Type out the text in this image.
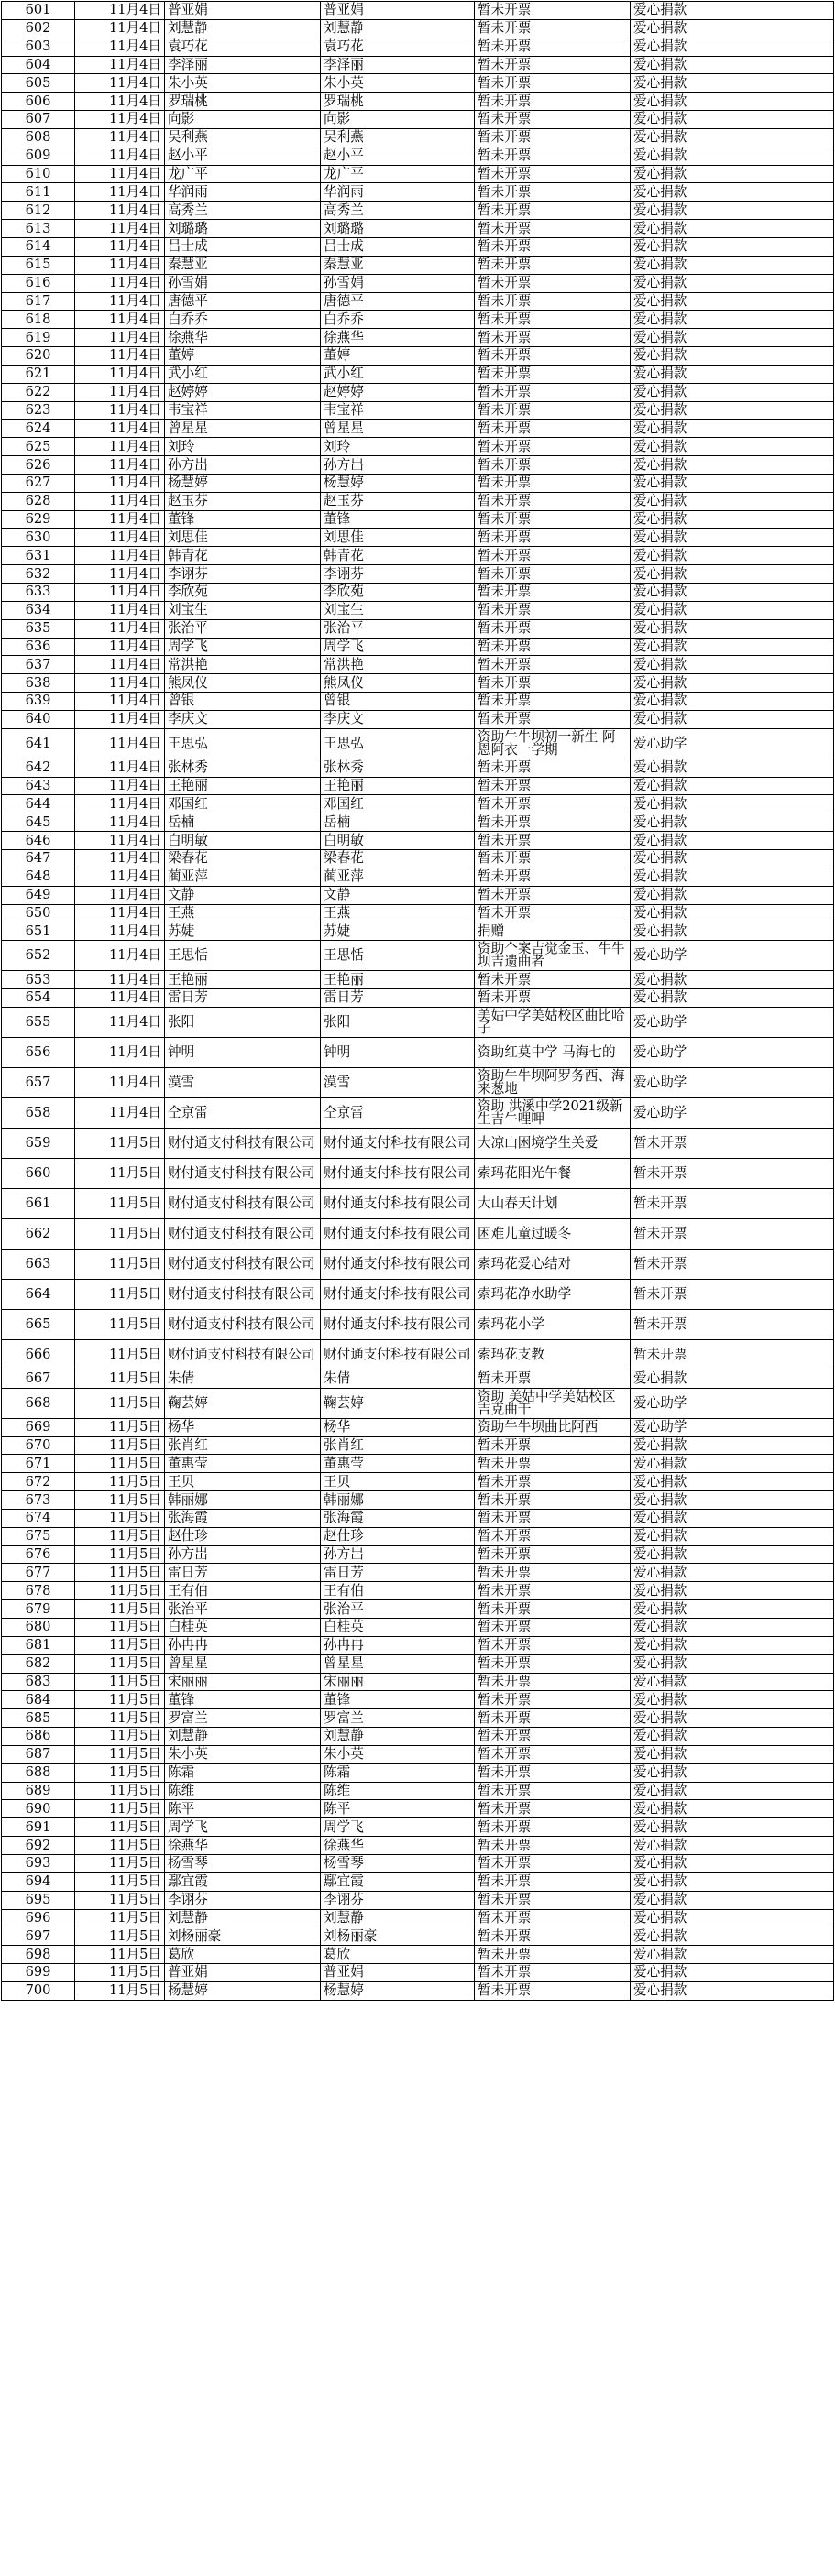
601	11月4日	普亚娟	普亚娟	暂未开票	爱心捐款	
602	11月4日	刘慧静	刘慧静	暂未开票	爱心捐款	
603	11月4日	袁巧花	袁巧花	暂未开票	爱心捐款	
604	11月4日	李泽丽	李泽丽	暂未开票	爱心捐款	
605	11月4日	朱小英	朱小英	暂未开票	爱心捐款	
606	11月4日	罗瑞桃	罗瑞桃	暂未开票	爱心捐款	
607	11月4日	向影	向影	暂未开票	爱心捐款	
608	11月4日	吴利燕	吴利燕	暂未开票	爱心捐款	
609	11月4日	赵小平	赵小平	暂未开票	爱心捐款	
610	11月4日	龙广平	龙广平	暂未开票	爱心捐款	
611	11月4日	华润雨	华润雨	暂未开票	爱心捐款	
612	11月4日	高秀兰	高秀兰	暂未开票	爱心捐款	
613	11月4日	刘璐璐	刘璐璐	暂未开票	爱心捐款	
614	11月4日	吕士成	吕士成	暂未开票	爱心捐款	
615	11月4日	秦慧亚	秦慧亚	暂未开票	爱心捐款	
616	11月4日	孙雪娟	孙雪娟	暂未开票	爱心捐款	
617	11月4日	唐德平	唐德平	暂未开票	爱心捐款	
618	11月4日	白乔乔	白乔乔	暂未开票	爱心捐款	
619	11月4日	徐燕华	徐燕华	暂未开票	爱心捐款	
620	11月4日	董婷	董婷	暂未开票	爱心捐款	
621	11月4日	武小红	武小红	暂未开票	爱心捐款	
622	11月4日	赵婷婷	赵婷婷	暂未开票	爱心捐款	
623	11月4日	韦宝祥	韦宝祥	暂未开票	爱心捐款	
624	11月4日	曾星星	曾星星	暂未开票	爱心捐款	
625	11月4日	刘玲	刘玲	暂未开票	爱心捐款	
626	11月4日	孙方岀	孙方岀	暂未开票	爱心捐款	
627	11月4日	杨慧婷	杨慧婷	暂未开票	爱心捐款	
628	11月4日	赵玉芬	赵玉芬	暂未开票	爱心捐款	
629	11月4日	董锋	董锋	暂未开票	爱心捐款	
630	11月4日	刘思佳	刘思佳	暂未开票	爱心捐款	
631	11月4日	韩青花	韩青花	暂未开票	爱心捐款	
632	11月4日	李诩芬	李诩芬	暂未开票	爱心捐款	
633	11月4日	李欣苑	李欣苑	暂未开票	爱心捐款	
634	11月4日	刘宝生	刘宝生	暂未开票	爱心捐款	
635	11月4日	张治平	张治平	暂未开票	爱心捐款	
636	11月4日	周学飞	周学飞	暂未开票	爱心捐款	
637	11月4日	常洪艳	常洪艳	暂未开票	爱心捐款	
638	11月4日	熊凤仪	熊凤仪	暂未开票	爱心捐款	
639	11月4日	曾银	曾银	暂未开票	爱心捐款	
640	11月4日	李庆文	李庆文	暂未开票	爱心捐款	
641	11月4日	王思弘	王思弘	资助牛牛坝初一新生 阿恩阿衣一学期	爱心助学	
642	11月4日	张林秀	张林秀	暂未开票	爱心捐款	
643	11月4日	王艳丽	王艳丽	暂未开票	爱心捐款	
644	11月4日	邓国红	邓国红	暂未开票	爱心捐款	
645	11月4日	岳楠	岳楠	暂未开票	爱心捐款	
646	11月4日	白明敏	白明敏	暂未开票	爱心捐款	
647	11月4日	梁春花	梁春花	暂未开票	爱心捐款	
648	11月4日	蔺亚萍	蔺亚萍	暂未开票	爱心捐款	
649	11月4日	文静	文静	暂未开票	爱心捐款	
650	11月4日	王燕	王燕	暂未开票	爱心捐款	
651	11月4日	苏婕	苏婕	捐赠	爱心捐款	
652	11月4日	王思恬	王思恬	资助个案吉觉金玉、牛牛坝吉遗曲者	爱心助学	
653	11月4日	王艳丽	王艳丽	暂未开票	爱心捐款	
654	11月4日	雷日芳	雷日芳	暂未开票	爱心捐款	
655	11月4日	张阳	张阳	美姑中学美姑校区曲比哈子	爱心助学	
656	11月4日	钟明	钟明	资助红莫中学 马海七的	爱心助学	
657	11月4日	漠雪	漠雪	资助牛牛坝阿罗务西、海来葱地	爱心助学	
658	11月4日	仝京雷	仝京雷	资助 洪溪中学2021级新生吉牛哩呷	爱心助学	
659	11月5日	财付通支付科技有限公司	财付通支付科技有限公司	大凉山困境学生关爱	暂未开票	
660	11月5日	财付通支付科技有限公司	财付通支付科技有限公司	索玛花阳光午餐	暂未开票	
661	11月5日	财付通支付科技有限公司	财付通支付科技有限公司	大山春天计划	暂未开票	
662	11月5日	财付通支付科技有限公司	财付通支付科技有限公司	困难儿童过暖冬	暂未开票	
663	11月5日	财付通支付科技有限公司	财付通支付科技有限公司	索玛花爱心结对	暂未开票	
664	11月5日	财付通支付科技有限公司	财付通支付科技有限公司	索玛花净水助学	暂未开票	
665	11月5日	财付通支付科技有限公司	财付通支付科技有限公司	索玛花小学	暂未开票	
666	11月5日	财付通支付科技有限公司	财付通支付科技有限公司	索玛花支教	暂未开票	
667	11月5日	朱倩	朱倩	暂未开票	爱心捐款	
668	11月5日	鞠芸婷	鞠芸婷	资助 美姑中学美姑校区 吉克曲干	爱心助学	
669	11月5日	杨华	杨华	资助牛牛坝曲比阿西	爱心助学	
670	11月5日	张肖红	张肖红	暂未开票	爱心捐款	
671	11月5日	董惠莹	董惠莹	暂未开票	爱心捐款	
672	11月5日	王贝	王贝	暂未开票	爱心捐款	
673	11月5日	韩丽娜	韩丽娜	暂未开票	爱心捐款	
674	11月5日	张海霞	张海霞	暂未开票	爱心捐款	
675	11月5日	赵仕珍	赵仕珍	暂未开票	爱心捐款	
676	11月5日	孙方岀	孙方岀	暂未开票	爱心捐款	
677	11月5日	雷日芳	雷日芳	暂未开票	爱心捐款	
678	11月5日	王有伯	王有伯	暂未开票	爱心捐款	
679	11月5日	张治平	张治平	暂未开票	爱心捐款	
680	11月5日	白桂英	白桂英	暂未开票	爱心捐款	
681	11月5日	孙冉冉	孙冉冉	暂未开票	爱心捐款	
682	11月5日	曾星星	曾星星	暂未开票	爱心捐款	
683	11月5日	宋丽丽	宋丽丽	暂未开票	爱心捐款	
684	11月5日	董锋	董锋	暂未开票	爱心捐款	
685	11月5日	罗富兰	罗富兰	暂未开票	爱心捐款	
686	11月5日	刘慧静	刘慧静	暂未开票	爱心捐款	
687	11月5日	朱小英	朱小英	暂未开票	爱心捐款	
688	11月5日	陈霜	陈霜	暂未开票	爱心捐款	
689	11月5日	陈维	陈维	暂未开票	爱心捐款	
690	11月5日	陈平	陈平	暂未开票	爱心捐款	
691	11月5日	周学飞	周学飞	暂未开票	爱心捐款	
692	11月5日	徐燕华	徐燕华	暂未开票	爱心捐款	
693	11月5日	杨雪琴	杨雪琴	暂未开票	爱心捐款	
694	11月5日	鄢宜霞	鄢宜霞	暂未开票	爱心捐款	
695	11月5日	李诩芬	李诩芬	暂未开票	爱心捐款	
696	11月5日	刘慧静	刘慧静	暂未开票	爱心捐款	
697	11月5日	刘杨丽豪	刘杨丽豪	暂未开票	爱心捐款	
698	11月5日	葛欣	葛欣	暂未开票	爱心捐款	
699	11月5日	普亚娟	普亚娟	暂未开票	爱心捐款	
700	11月5日	杨慧婷	杨慧婷	暂未开票	爱心捐款	
